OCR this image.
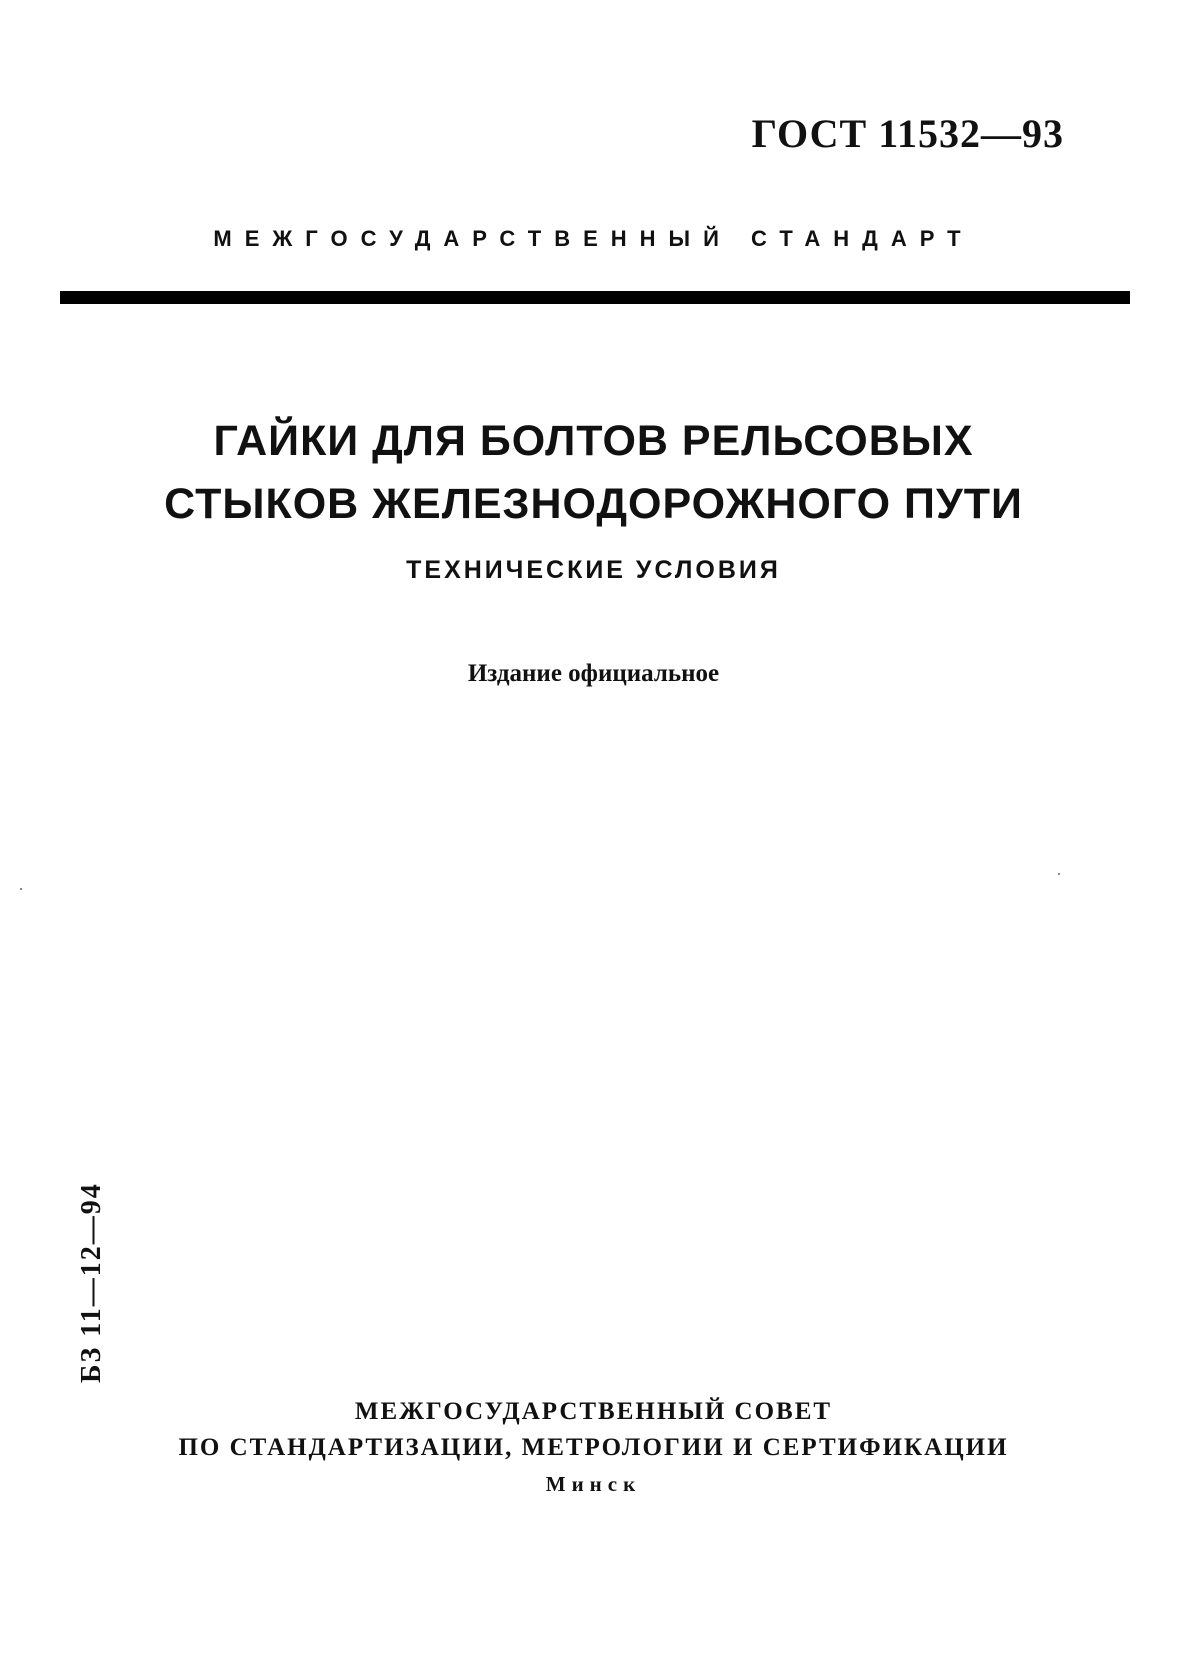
ГОСТ 11532—93
МЕЖГОСУДАРСТВЕННЫЙ СТАНДАРТ
ГАЙКИ ДЛЯ БОЛТОВ РЕЛЬСОВЫХ
СТЫКОВ ЖЕЛЕЗНОДОРОЖНОГО ПУТИ
ТЕХНИЧЕСКИЕ УСЛОВИЯ
Издание официальное
БЗ 11—12—94
МЕЖГОСУДАРСТВЕННЫЙ СОВЕТ
ПО СТАНДАРТИЗАЦИИ, МЕТРОЛОГИИ И СЕРТИФИКАЦИИ
Минск
